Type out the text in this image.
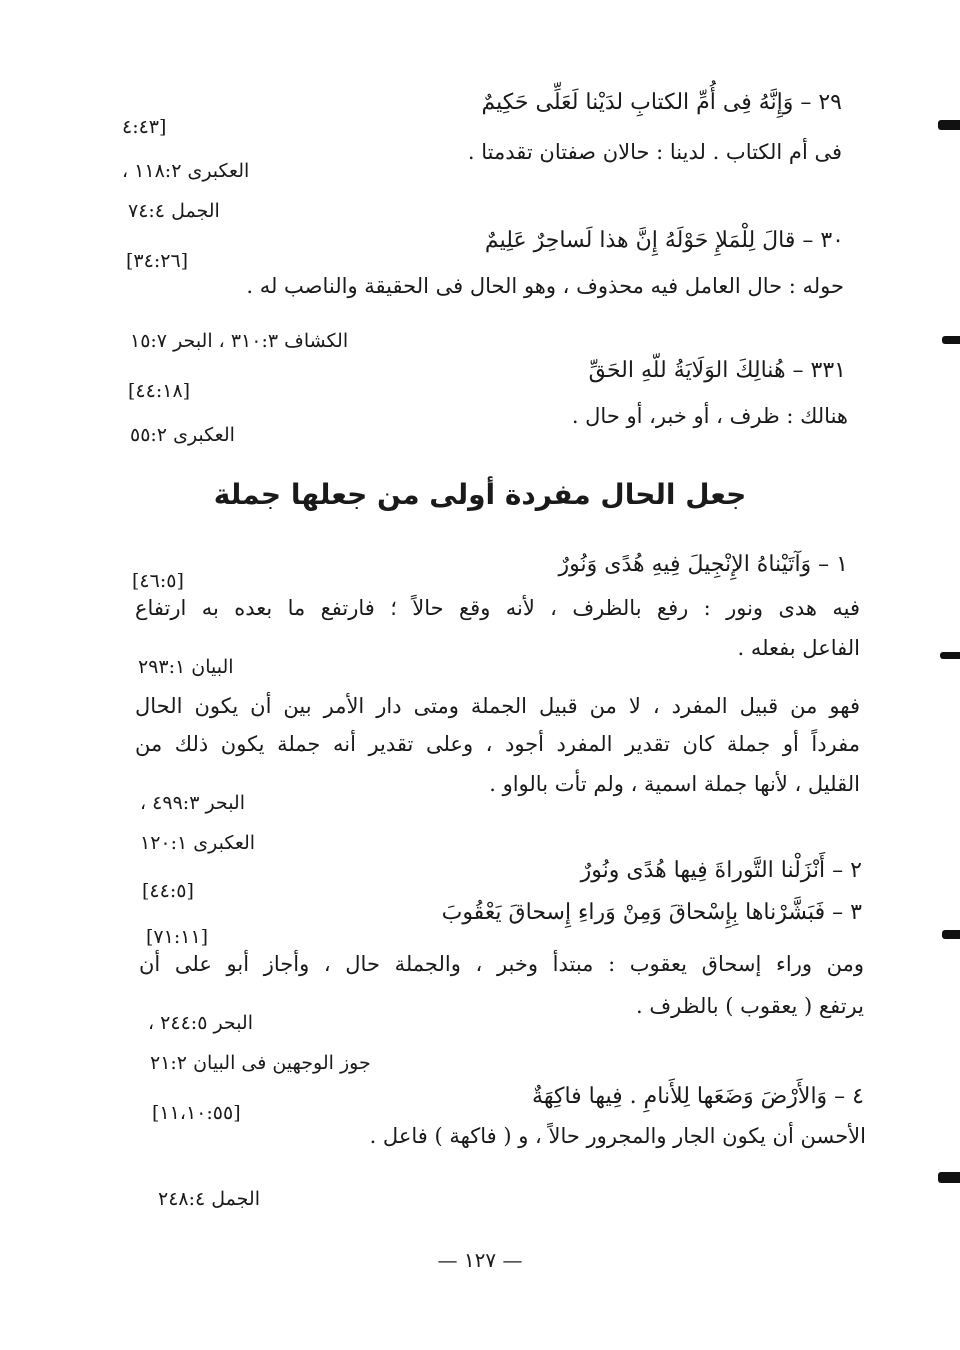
٢٩ – وَإِنَّهُ فِى أُمِّ الكتابِ لدَيْنا لَعَلِّى حَكِيمٌ
[٤:٤٣
فى أم الكتاب . لدينا : حالان صفتان تقدمتا .
العكبرى ١١٨:٢ ،
الجمل ٧٤:٤
٣٠ – قالَ لِلْمَلإِ حَوْلَهُ إِنَّ هذا لَساحِرٌ عَلِيمٌ
[٣٤:٢٦]
حوله : حال العامل فيه محذوف ، وهو الحال فى الحقيقة والناصب له .
الكشاف ٣١٠:٣ ، البحر ١٥:٧
٣٣١ – هُنالِكَ الوَلَايَةُ للّهِ الحَقِّ
[٤٤:١٨]
هنالك : ظرف ، أو خبر، أو حال .
العكبرى ٥٥:٢
جعل الحال مفردة أولى من جعلها جملة
١ – وَآتَيْناهُ الإِنْجِيلَ فِيهِ هُدًى وَنُورٌ
[٤٦:٥]
فيه هدى ونور : رفع بالظرف ، لأنه وقع حالاً ؛ فارتفع ما بعده به ارتفاع
الفاعل بفعله .
البيان ٢٩٣:١
فهو من قبيل المفرد ، لا من قبيل الجملة ومتى دار الأمر بين أن يكون الحال
مفرداً أو جملة كان تقدير المفرد أجود ، وعلى تقدير أنه جملة يكون ذلك من
القليل ، لأنها جملة اسمية ، ولم تأت بالواو .
البحر ٤٩٩:٣ ،
العكبرى ١٢٠:١
٢ – أَنْزَلْنا التَّوراةَ فِيها هُدًى ونُورٌ
[٤٤:٥]
٣ – فَبَشَّرْناها بِإِسْحاقَ وَمِنْ وَراءِ إِسحاقَ يَعْقُوبَ
[٧١:١١]
ومن وراء إسحاق يعقوب : مبتدأ وخبر ، والجملة حال ، وأجاز أبو على أن
يرتفع ( يعقوب ) بالظرف .
البحر ٢٤٤:٥ ،
جوز الوجهين فى البيان ٢١:٢
٤ – وَالأَرْضَ وَضَعَها لِلأَنامِ . فِيها فاكِهَةٌ
[١١،١٠:٥٥]
الأحسن أن يكون الجار والمجرور حالاً ، و ( فاكهة ) فاعل .
الجمل ٢٤٨:٤
— ١٢٧ —
